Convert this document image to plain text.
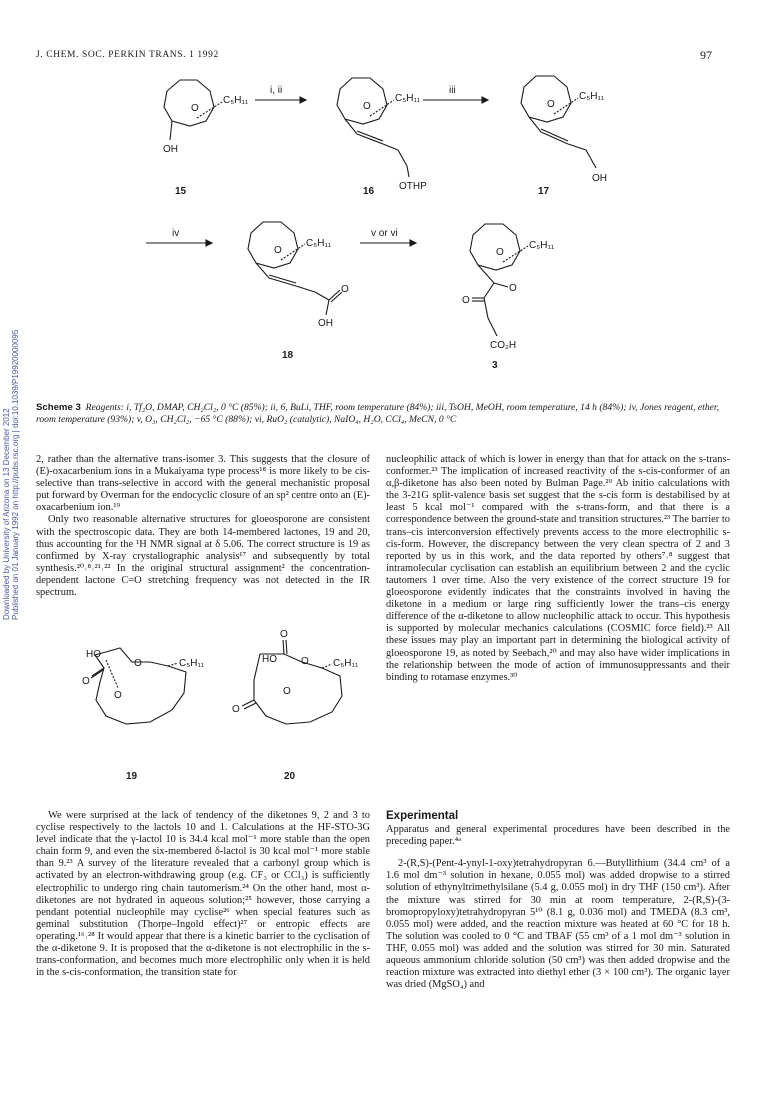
Downloaded by University of Arizona on 13 December 2012 Published on 01 January 1992 on http://pubs.rsc.org | doi:10.1039/P19920000095
J. CHEM. SOC. PERKIN TRANS. 1 1992	97
O
C₅H₁₁
OH
i, ii
15
O
C₅H₁₁
OTHP
iii
16
O
C₅H₁₁
OH
17
iv
O
C₅H₁₁
O
OH
18
v or vi
O
C₅H₁₁
O
O
CO₂H
3
HO
O
O
O
C₅H₁₁
19
O
HO O
O
O
C₅H₁₁
20
Scheme 3 Reagents: i, Tf₂O, DMAP, CH₂Cl₂, 0 °C (85%); ii, 6, BuLi, THF, room temperature (84%); iii, TsOH, MeOH, room temperature, 14 h (84%); iv, Jones reagent, ether, room temperature (93%); v, O₃, CH₂Cl₂, −65 °C (88%); vi, RuO₂ (catalytic), NaIO₄, H₂O, CCl₄, MeCN, 0 °C

2, rather than the alternative trans-isomer 3. This suggests that the closure of (E)-oxacarbenium ions in a Mukaiyama type process¹⁸ is more likely to be cis-selective than trans-selective in accord with the general mechanistic proposal put forward by Overman for the endocyclic closure of an sp² centre onto an (E)-oxacarbenium ion.¹⁹

Only two reasonable alternative structures for gloeosporone are consistent with the spectroscopic data. They are both 14-membered lactones, 19 and 20, thus accounting for the ¹H NMR signal at δ 5.06. The correct structure is 19 as confirmed by X-ray crystallographic analysis¹⁷ and subsequently by total synthesis.²⁰˒⁸˒²¹˒²² In the original structural assignment² the concentration-dependent lactone C=O stretching frequency was not detected in the IR spectrum.

nucleophilic attack of which is lower in energy than that for attack on the s-trans-conformer.²³ The implication of increased reactivity of the s-cis-conformer of an α,β-diketone has also been noted by Bulman Page.²⁹ Ab initio calculations with the 3-21G split-valence basis set suggest that the s-cis form is destabilised by at least 5 kcal mol⁻¹ compared with the s-trans-form, and that there is a correspondence between the ground-state and transition structures.²³ The barrier to trans–cis interconversion effectively prevents access to the more electrophilic s-cis-form. However, the discrepancy between the very clean spectra of 2 and 3 reported by us in this work, and the data reported by others⁷˒⁸ suggest that intramolecular cyclisation can establish an equilibrium between 2 and the cyclic tautomers 1 over time. Also the very existence of the correct structure 19 for gloeosporone evidently indicates that the constraints involved in having the diketone in a medium or large ring sufficiently lower the trans–cis energy difference of the α-diketone to allow nucleophilic attack to occur. This hypothesis is supported by molecular mechanics calculations (COSMIC force field).²³ All these issues may play an important part in determining the biological activity of gloeosporone 19, as noted by Seebach,²⁰ and may also have wider implications in the relationship between the mode of action of immunosuppressants and their binding to rotamase enzymes.³⁰

We were surprised at the lack of tendency of the diketones 9, 2 and 3 to cyclise respectively to the lactols 10 and 1. Calculations at the HF-STO-3G level indicate that the γ-lactol 10 is 34.4 kcal mol⁻¹ more stable than the open chain form 9, and even the six-membered δ-lactol is 30 kcal mol⁻¹ more stable than 9.²³ A survey of the literature revealed that a carbonyl group which is activated by an electron-withdrawing group (e.g. CF₃ or CCl₃) is sufficiently electrophilic to undergo ring chain tautomerism.²⁴ On the other hand, most α-diketones are not hydrated in aqueous solution;²⁵ however, those carrying a pendant potential nucleophile may cyclise²⁶ when special features such as geminal substitution (Thorpe–Ingold effect)²⁷ or entropic effects are operating.¹⁶˒²⁸ It would appear that there is a kinetic barrier to the cyclisation of the α-diketone 9. It is proposed that the α-diketone is not electrophilic in the s-trans-conformation, and becomes much more electrophilic only when it is held in the s-cis-conformation, the transition state for

Experimental

Apparatus and general experimental procedures have been described in the preceding paper.⁴ᵃ

2-(R,S)-(Pent-4-ynyl-1-oxy)tetrahydropyran 6.—Butyllithium (34.4 cm³ of a 1.6 mol dm⁻³ solution in hexane, 0.055 mol) was added dropwise to a stirred solution of ethynyltrimethylsilane (5.4 g, 0.055 mol) in dry THF (150 cm³). After the mixture was stirred for 30 min at room temperature, 2-(R,S)-(3-bromopropyloxy)tetrahydropyran 5¹⁰ (8.1 g, 0.036 mol) and TMEDA (8.3 cm³, 0.055 mol) were added, and the reaction mixture was heated at 60 °C for 18 h. The solution was cooled to 0 °C and TBAF (55 cm³ of a 1 mol dm⁻³ solution in THF, 0.055 mol) was added and the solution was stirred for 30 min. Saturated aqueous ammonium chloride solution (50 cm³) was then added dropwise and the reaction mixture was extracted into diethyl ether (3 × 100 cm³). The organic layer was dried (MgSO₄) and
